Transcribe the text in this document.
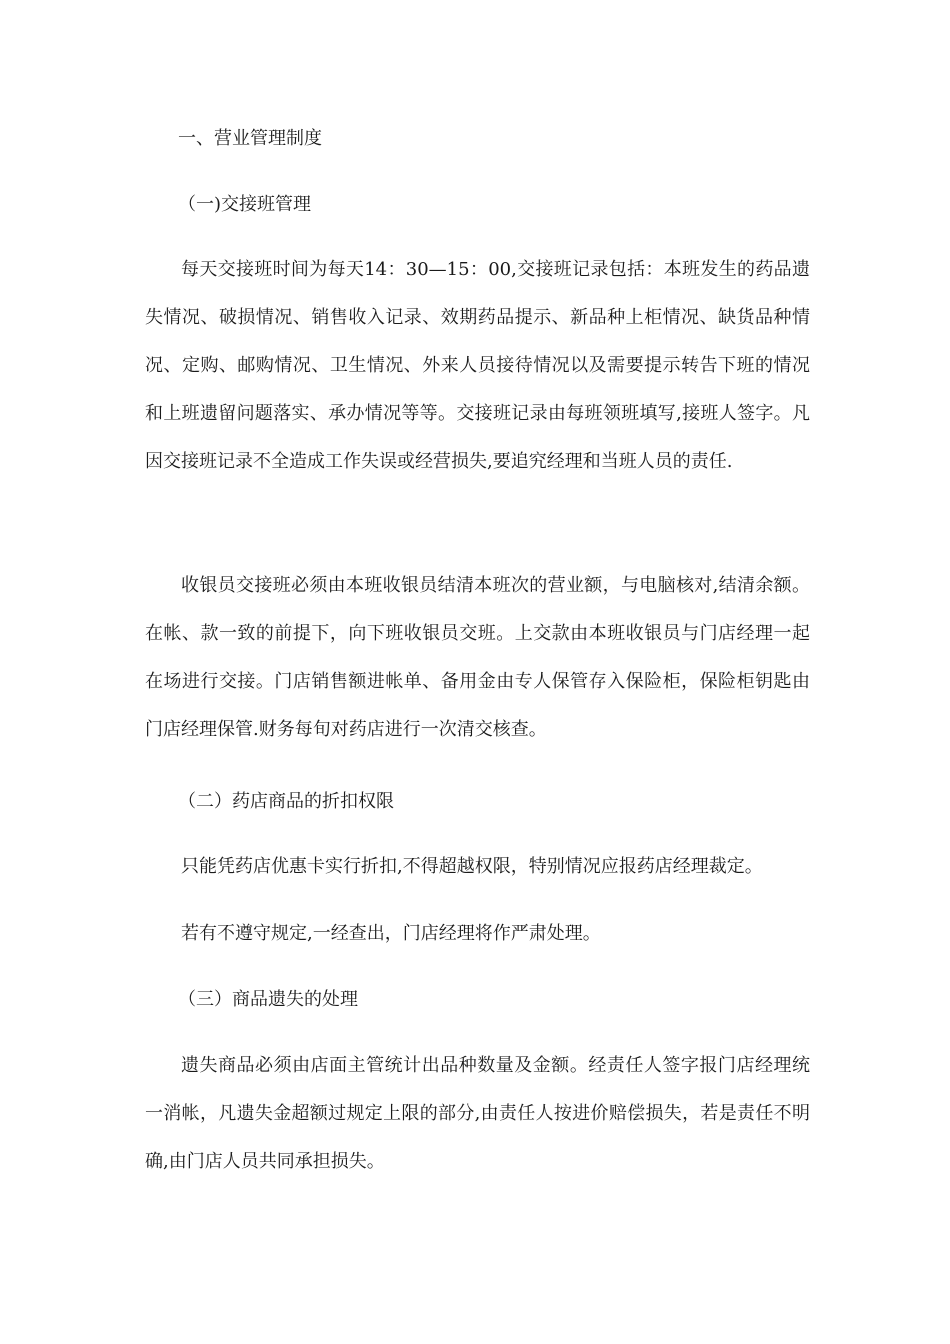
一、营业管理制度
（一)交接班管理
每天交接班时间为每天14：30—15：00,交接班记录包括：本班发生的药品遗失情况、破损情况、销售收入记录、效期药品提示、新品种上柜情况、缺货品种情况、定购、邮购情况、卫生情况、外来人员接待情况以及需要提示转告下班的情况和上班遗留问题落实、承办情况等等。交接班记录由每班领班填写,接班人签字。凡因交接班记录不全造成工作失误或经营损失,要追究经理和当班人员的责任.
收银员交接班必须由本班收银员结清本班次的营业额，与电脑核对,结清余额。在帐、款一致的前提下，向下班收银员交班。上交款由本班收银员与门店经理一起在场进行交接。门店销售额进帐单、备用金由专人保管存入保险柜，保险柜钥匙由门店经理保管.财务每旬对药店进行一次清交核查。
（二）药店商品的折扣权限
只能凭药店优惠卡实行折扣,不得超越权限，特别情况应报药店经理裁定。
若有不遵守规定,一经查出，门店经理将作严肃处理。
（三）商品遗失的处理
遗失商品必须由店面主管统计出品种数量及金额。经责任人签字报门店经理统一消帐，凡遗失金超额过规定上限的部分,由责任人按进价赔偿损失，若是责任不明确,由门店人员共同承担损失。
